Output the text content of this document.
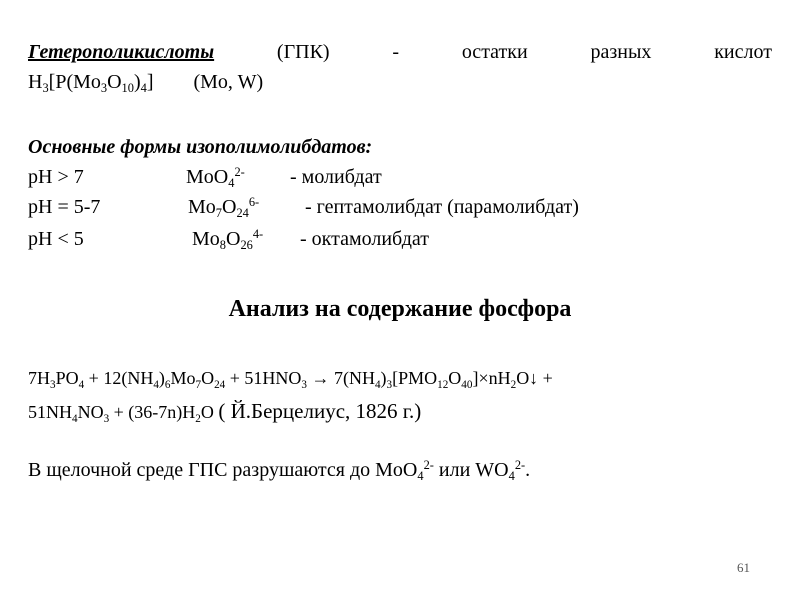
Гетерополикислоты	(ГПК)	-	остатки	разных	кислот
$H_3[P(Mo_3O_{10})_4]$ (Mo, W)
Основные формы изополимолибдатов:
pH > 7	MoO$_4^{2-}$ - молибдат
pH = 5-7	$Mo_7O_{24}^{6-}$ - гептамолибдат (парамолибдат)
pH < 5	$Mo_8O_{26}^{4-}$ - октамолибдат
Анализ на содержание фосфора
$7H_3PO_4 + 12(NH_4)_6Mo_7O_{24} + 51HNO_3$ → $7(NH_4)_3[PMO_{12}O_{40}]\times nH_2O↓$ +
$51NH_4NO_3 + (36-7n)H_2O$ ( Й.Берцелиус, 1826 г.)
В щелочной среде ГПС разрушаются до MoO$_4^{2-}$ или $WO_4^{2-}$.
61
